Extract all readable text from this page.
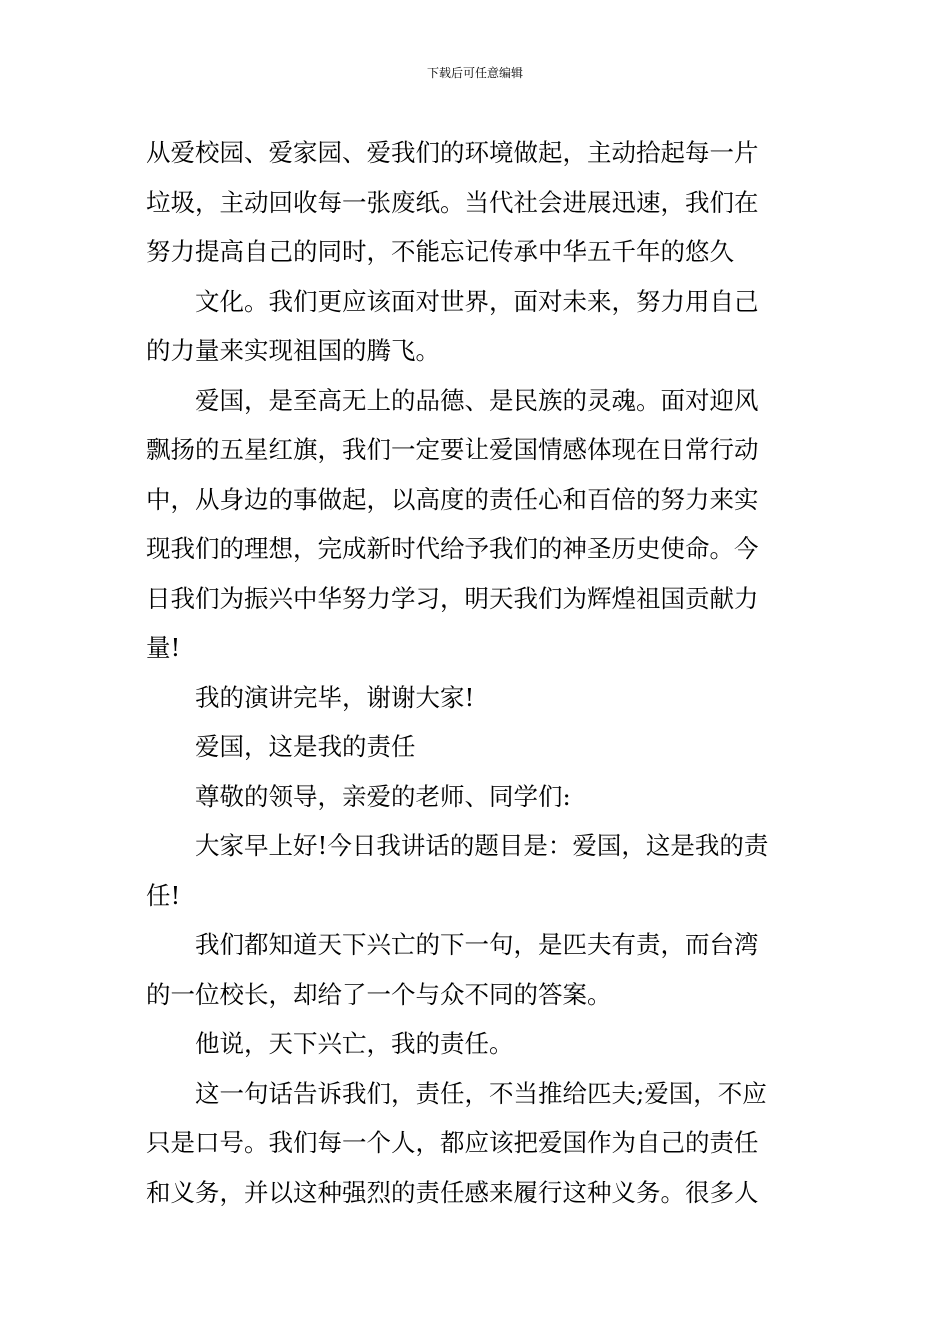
下载后可任意编辑
从爱校园、爱家园、爱我们的环境做起，主动拾起每一片
垃圾，主动回收每一张废纸。当代社会进展迅速，我们在
努力提高自己的同时，不能忘记传承中华五千年的悠久
文化。我们更应该面对世界，面对未来，努力用自己
的力量来实现祖国的腾飞。
爱国，是至高无上的品德、是民族的灵魂。面对迎风
飘扬的五星红旗，我们一定要让爱国情感体现在日常行动
中，从身边的事做起，以高度的责任心和百倍的努力来实
现我们的理想，完成新时代给予我们的神圣历史使命。今
日我们为振兴中华努力学习，明天我们为辉煌祖国贡献力
量!
我的演讲完毕，谢谢大家!
爱国，这是我的责任
尊敬的领导，亲爱的老师、同学们:
大家早上好!今日我讲话的题目是：爱国，这是我的责
任!
我们都知道天下兴亡的下一句，是匹夫有责，而台湾
的一位校长，却给了一个与众不同的答案。
他说，天下兴亡，我的责任。
这一句话告诉我们，责任，不当推给匹夫;爱国，不应
只是口号。我们每一个人，都应该把爱国作为自己的责任
和义务，并以这种强烈的责任感来履行这种义务。很多人
